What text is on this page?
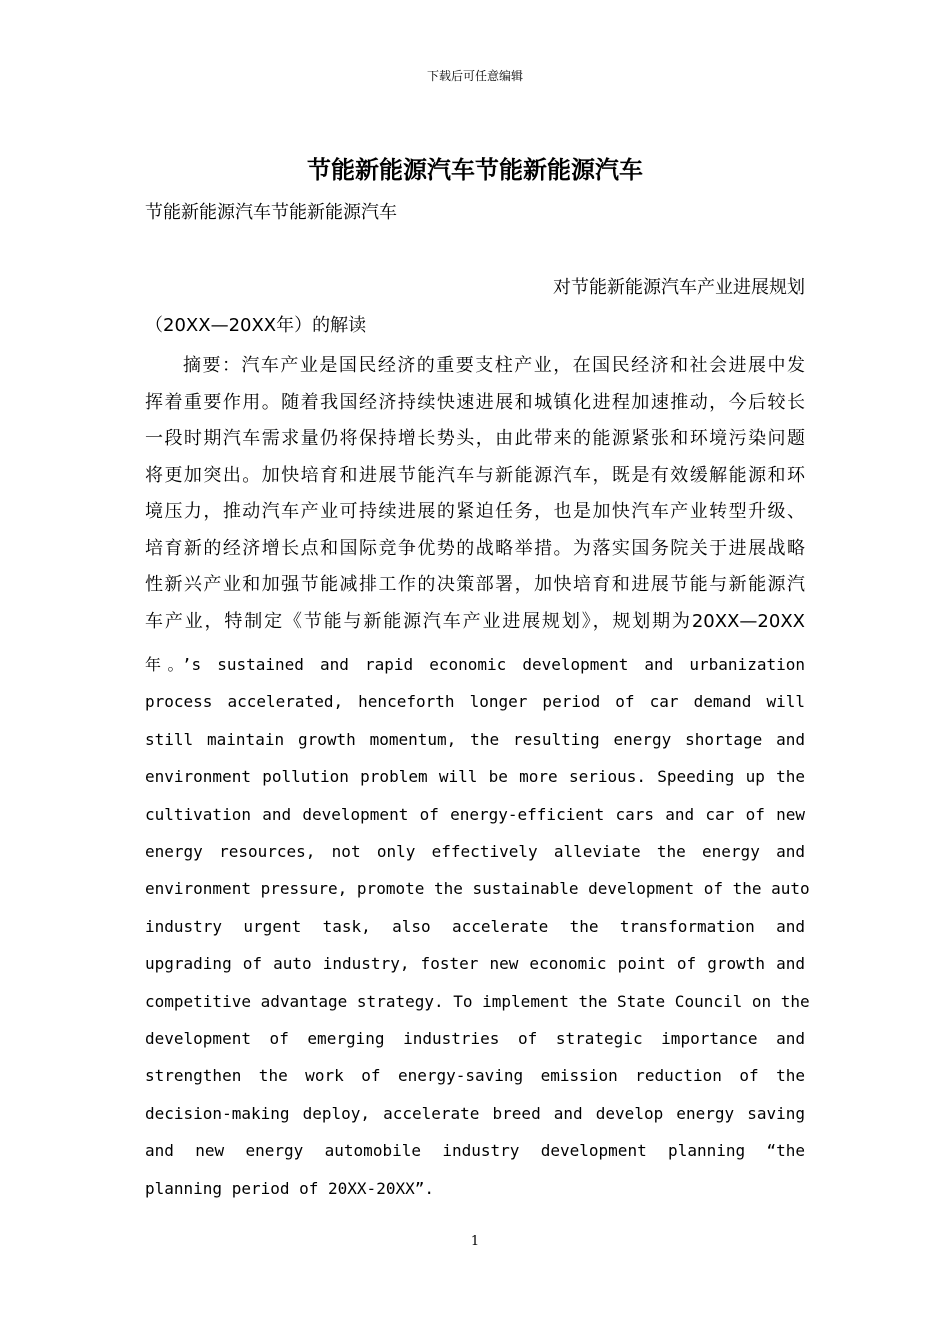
下载后可任意编辑
节能新能源汽车节能新能源汽车
节能新能源汽车节能新能源汽车
对节能新能源汽车产业进展规划
（20XX—20XX年）的解读
摘要：汽车产业是国民经济的重要支柱产业，在国民经济和社会进展中发
挥着重要作用。随着我国经济持续快速进展和城镇化进程加速推动，今后较长
一段时期汽车需求量仍将保持增长势头，由此带来的能源紧张和环境污染问题
将更加突出。加快培育和进展节能汽车与新能源汽车，既是有效缓解能源和环
境压力，推动汽车产业可持续进展的紧迫任务，也是加快汽车产业转型升级、
培育新的经济增长点和国际竞争优势的战略举措。为落实国务院关于进展战略
性新兴产业和加强节能减排工作的决策部署，加快培育和进展节能与新能源汽
车产业，特制定《节能与新能源汽车产业进展规划》，规划期为20XX—20XX
年。’s sustained and rapid economic development and urbanization
process accelerated, henceforth longer period of car demand will
still maintain growth momentum, the resulting energy shortage and
environment pollution problem will be more serious. Speeding up the
cultivation and development of energy-efficient cars and car of new
energy resources, not only effectively alleviate the energy and
environment pressure, promote the sustainable development of the auto
industry urgent task, also accelerate the transformation and
upgrading of auto industry, foster new economic point of growth and
competitive advantage strategy. To implement the State Council on the
development of emerging industries of strategic importance and
strengthen the work of energy-saving emission reduction of the
decision-making deploy, accelerate breed and develop energy saving
and new energy automobile industry development planning “the
planning period of 20XX-20XX”.
1
